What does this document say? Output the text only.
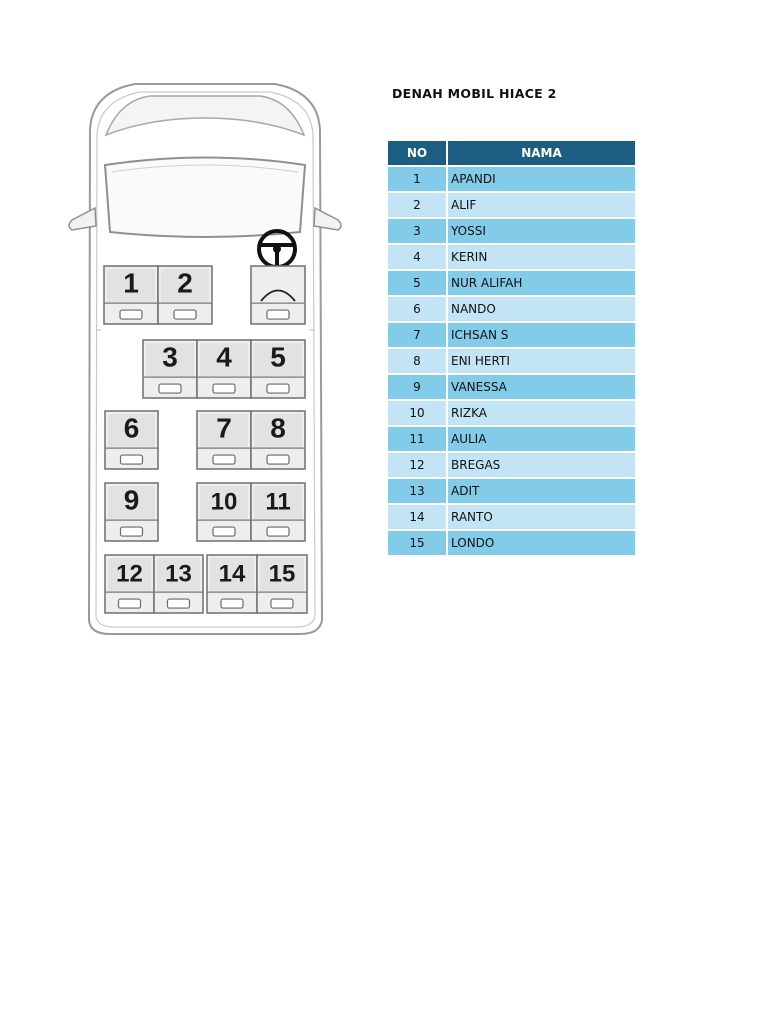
1 2
3 4 5
6	7 8
9	10 11
12 13 14 15
DENAH MOBIL HIACE 2
NO	NAMA
1	APANDI
2	ALIF
3	YOSSI
4	KERIN
5	NUR ALIFAH
6	NANDO
7	ICHSAN S
8	ENI HERTI
9	VANESSA
10	RIZKA
11	AULIA
12	BREGAS
13	ADIT
14	RANTO
15	LONDO
